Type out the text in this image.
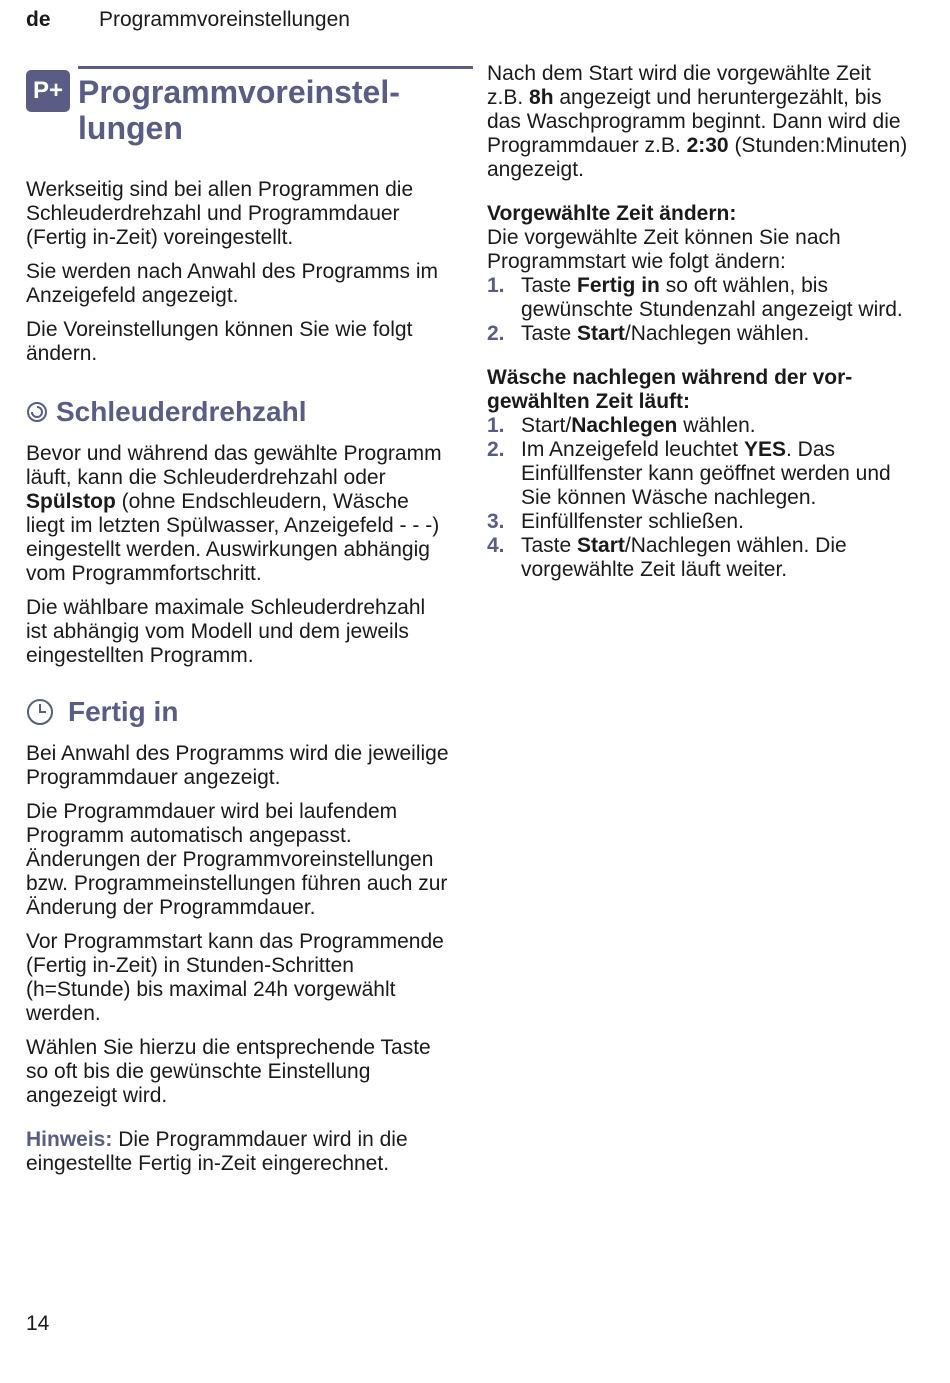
de Programmvoreinstellungen
P+ Programmvoreinstel-
lungen

Werkseitig sind bei allen Programmen die Schleuderdrehzahl und Programmdauer (Fertig in-Zeit) voreingestellt.

Sie werden nach Anwahl des Programms im Anzeigefeld angezeigt.

Die Voreinstellungen können Sie wie folgt ändern.

Schleuderdrehzahl

Bevor und während das gewählte Programm läuft, kann die Schleuderdrehzahl oder Spülstop (ohne Endschleudern, Wäsche liegt im letzten Spülwasser, Anzeigefeld - - -) eingestellt werden. Auswirkungen abhängig vom Programmfortschritt.

Die wählbare maximale Schleuderdrehzahl ist abhängig vom Modell und dem jeweils eingestellten Programm.

Fertig in

Bei Anwahl des Programms wird die jeweilige Programmdauer angezeigt.

Die Programmdauer wird bei laufendem Programm automatisch angepasst. Änderungen der Programmvoreinstellungen bzw. Programmeinstellungen führen auch zur Änderung der Programmdauer.

Vor Programmstart kann das Programmende (Fertig in-Zeit) in Stunden-Schritten (h=Stunde) bis maximal 24h vorgewählt werden.

Wählen Sie hierzu die entsprechende Taste so oft bis die gewünschte Einstellung angezeigt wird.

Hinweis: Die Programmdauer wird in die eingestellte Fertig in-Zeit eingerechnet.

Nach dem Start wird die vorgewählte Zeit z.B. 8h angezeigt und heruntergezählt, bis das Waschprogramm beginnt. Dann wird die Programmdauer z.B. 2:30 (Stunden:Minuten) angezeigt.

Vorgewählte Zeit ändern:

Die vorgewählte Zeit können Sie nach Programmstart wie folgt ändern:

1. Taste Fertig in so oft wählen, bis gewünschte Stundenzahl angezeigt wird.
2. Taste Start/Nachlegen wählen.
Wäsche nachlegen während der vorgewählten Zeit läuft:
1. Start/Nachlegen wählen.
2. Im Anzeigefeld leuchtet YES. Das Einfüllfenster kann geöffnet werden und Sie können Wäsche nachlegen.
3. Einfüllfenster schließen.
4. Taste Start/Nachlegen wählen. Die vorgewählte Zeit läuft weiter.
14
